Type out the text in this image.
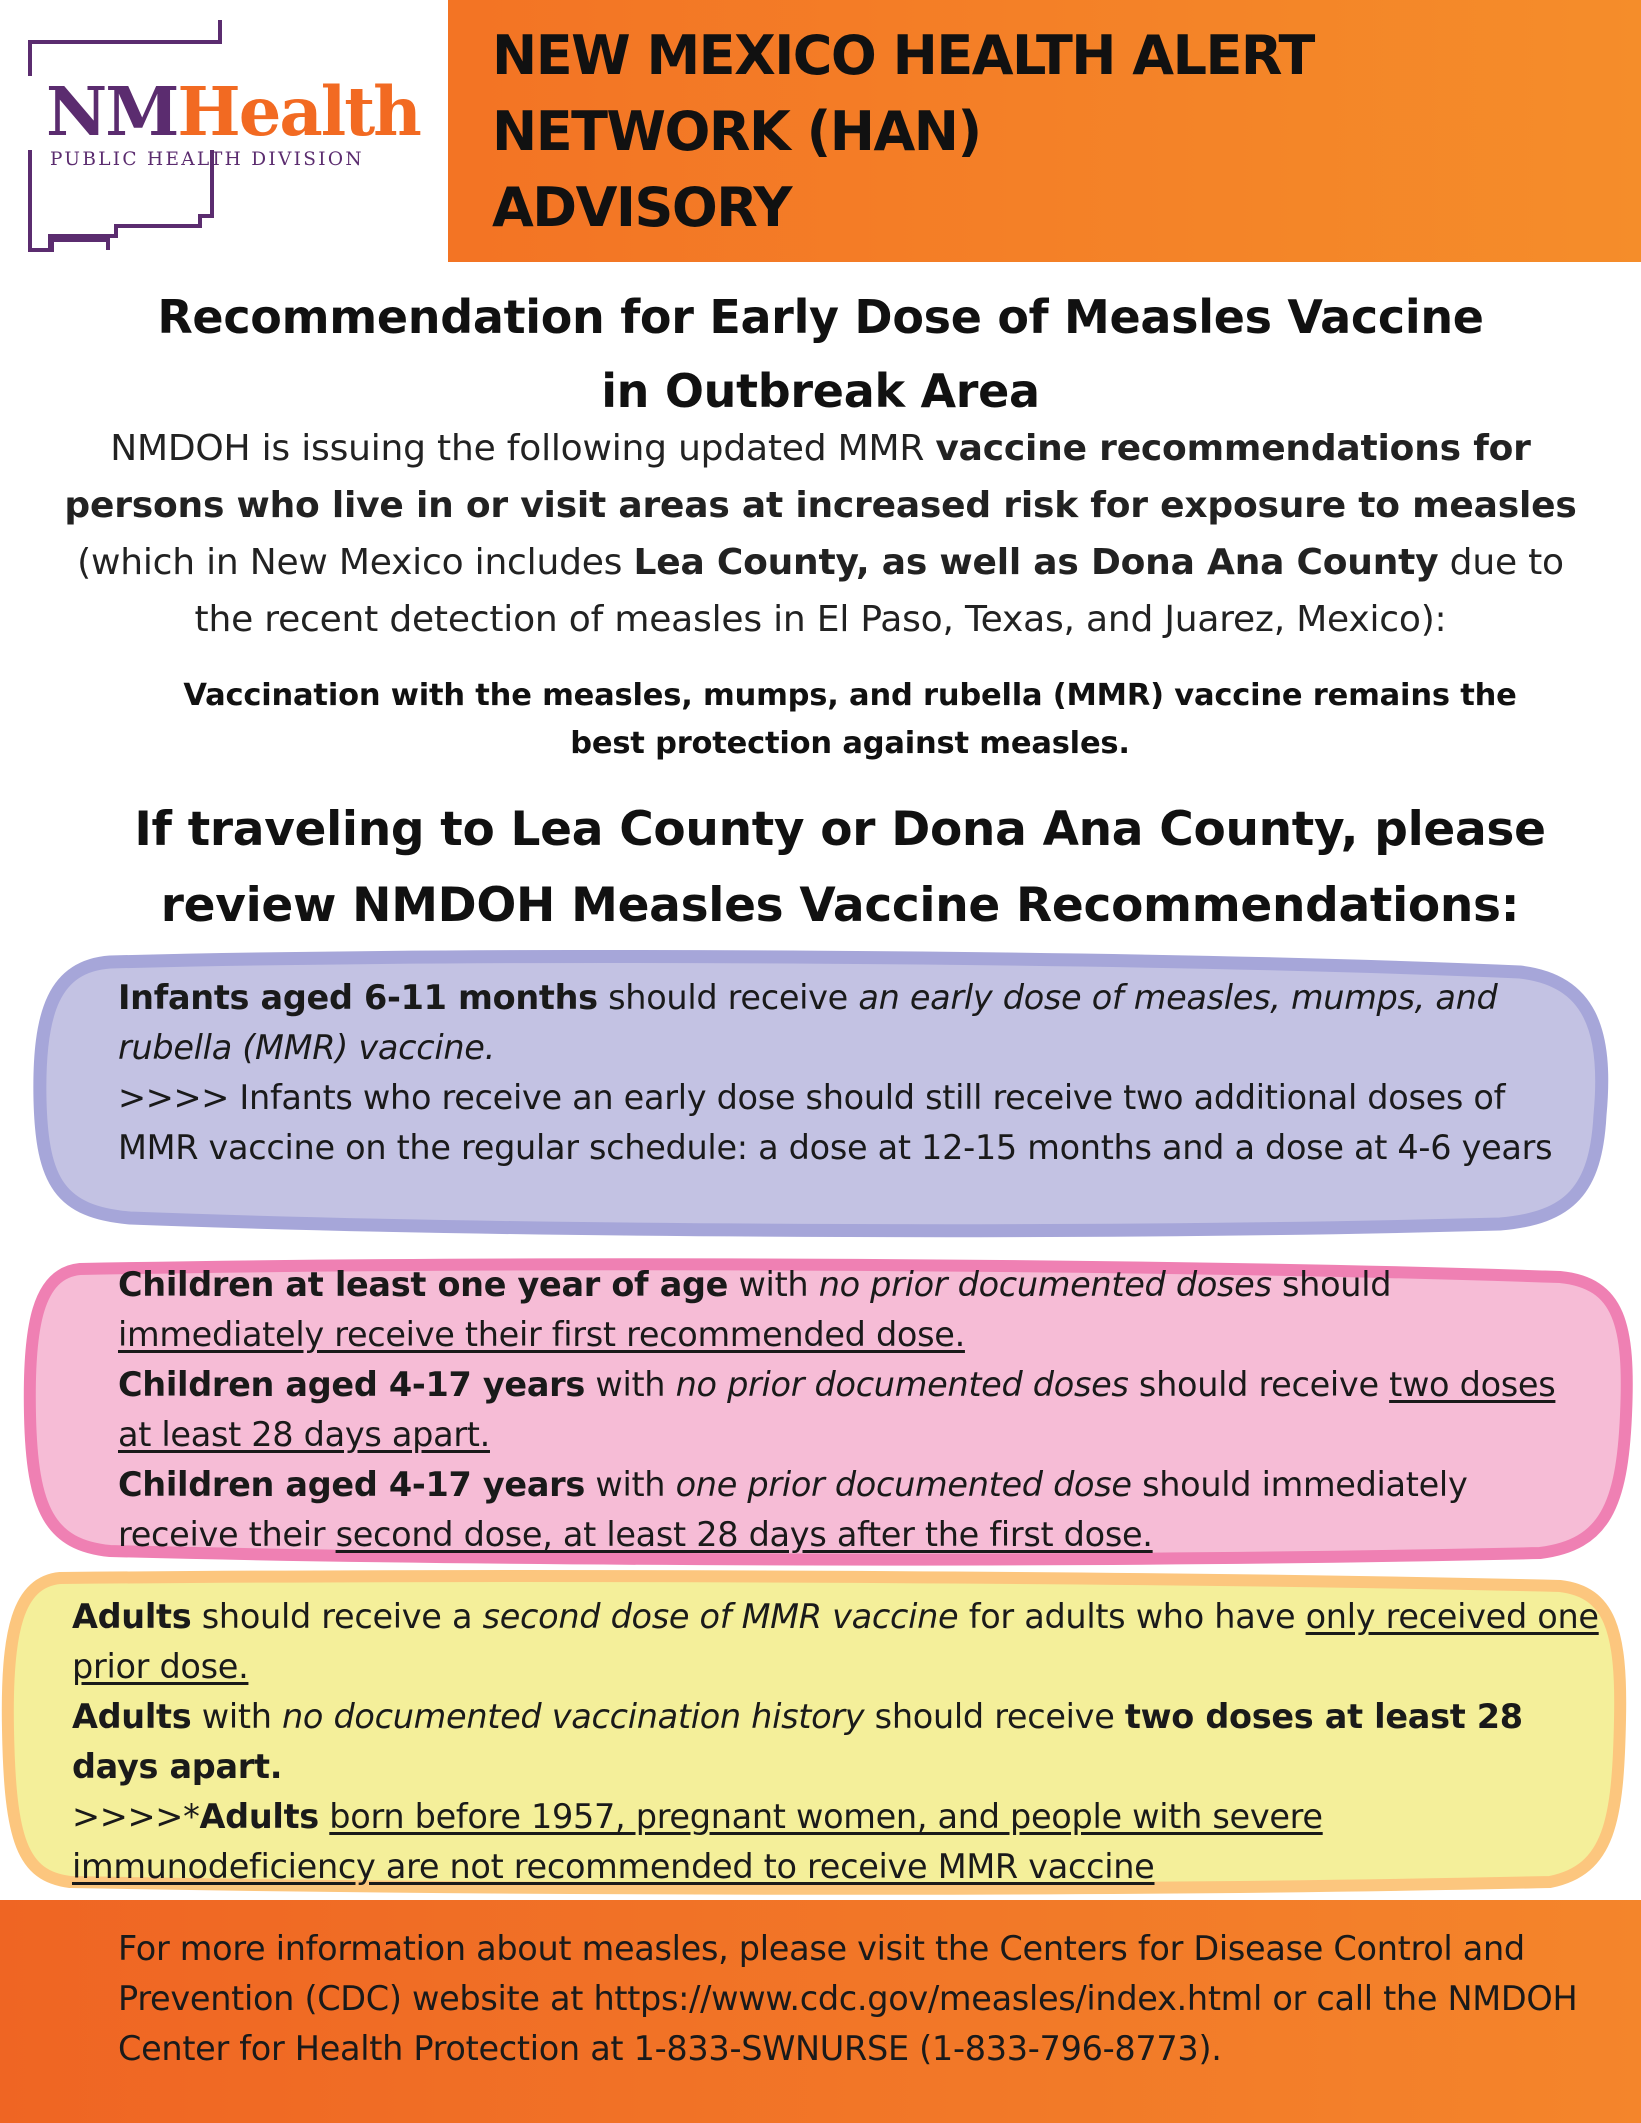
NMHealth
PUBLIC HEALTH DIVISION
NEW MEXICO HEALTH ALERT
NETWORK (HAN)
ADVISORY
Recommendation for Early Dose of Measles Vaccine
in Outbreak Area
NMDOH is issuing the following updated MMR vaccine recommendations for persons who live in or visit areas at increased risk for exposure to measles (which in New Mexico includes Lea County, as well as Dona Ana County due to the recent detection of measles in El Paso, Texas, and Juarez, Mexico):
Vaccination with the measles, mumps, and rubella (MMR) vaccine remains the
best protection against measles.
If traveling to Lea County or Dona Ana County, please
review NMDOH Measles Vaccine Recommendations:

Infants aged 6-11 months should receive an early dose of measles, mumps, and rubella (MMR) vaccine.

>>>> Infants who receive an early dose should still receive two additional doses of MMR vaccine on the regular schedule: a dose at 12-15 months and a dose at 4-6 years

Children at least one year of age with no prior documented doses should immediately receive their first recommended dose.

Children aged 4-17 years with no prior documented doses should receive two doses at least 28 days apart.

Children aged 4-17 years with one prior documented dose should immediately receive their second dose, at least 28 days after the first dose.

Adults should receive a second dose of MMR vaccine for adults who have only received one prior dose.

Adults with no documented vaccination history should receive two doses at least 28 days apart.

>>>>*Adults born before 1957, pregnant women, and people with severe immunodeficiency are not recommended to receive MMR vaccine

For more information about measles, please visit the Centers for Disease Control and Prevention (CDC) website at https://www.cdc.gov/measles/index.html or call the NMDOH Center for Health Protection at 1-833-SWNURSE (1-833-796-8773).
